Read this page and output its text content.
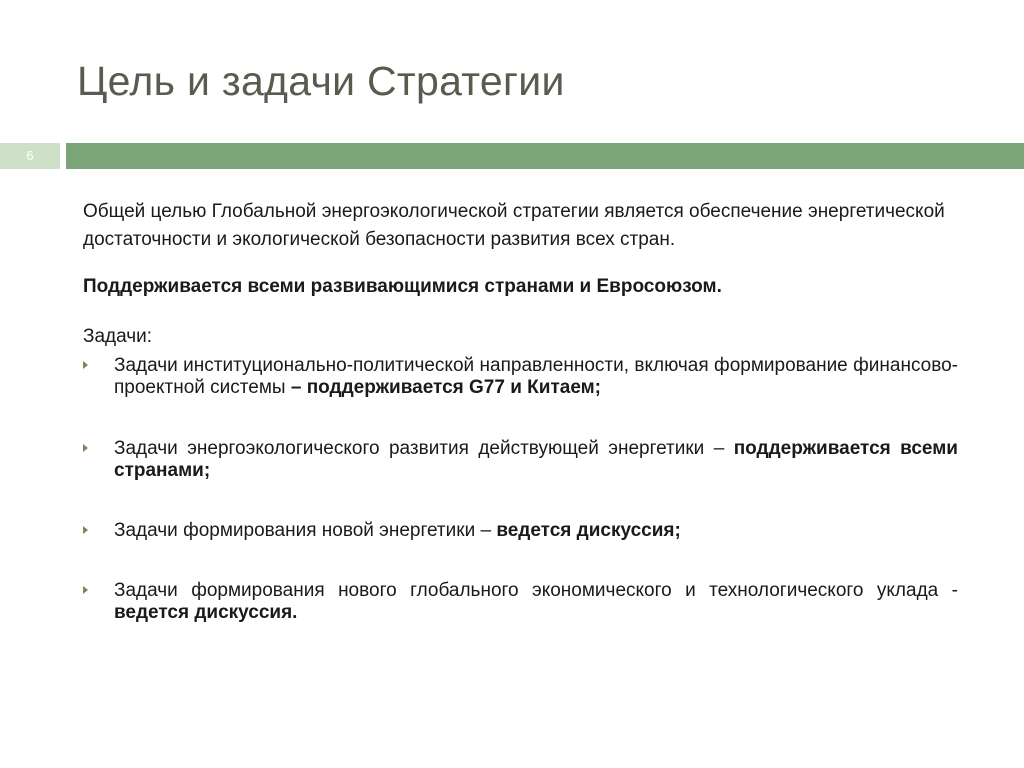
Цель и задачи Стратегии
6

Общей целью Глобальной энергоэкологической стратегии является обеспечение энергетической достаточности и экологической безопасности развития всех стран.

Поддерживается всеми развивающимися странами и Евросоюзом.

Задачи:

Задачи институционально-политической направленности, включая формирование финансово-проектной системы – поддерживается G77 и Китаем;
Задачи энергоэкологического развития действующей энергетики – поддерживается всеми странами;
Задачи формирования новой энергетики – ведется дискуссия;
Задачи формирования нового глобального экономического и технологического уклада - ведется дискуссия.
